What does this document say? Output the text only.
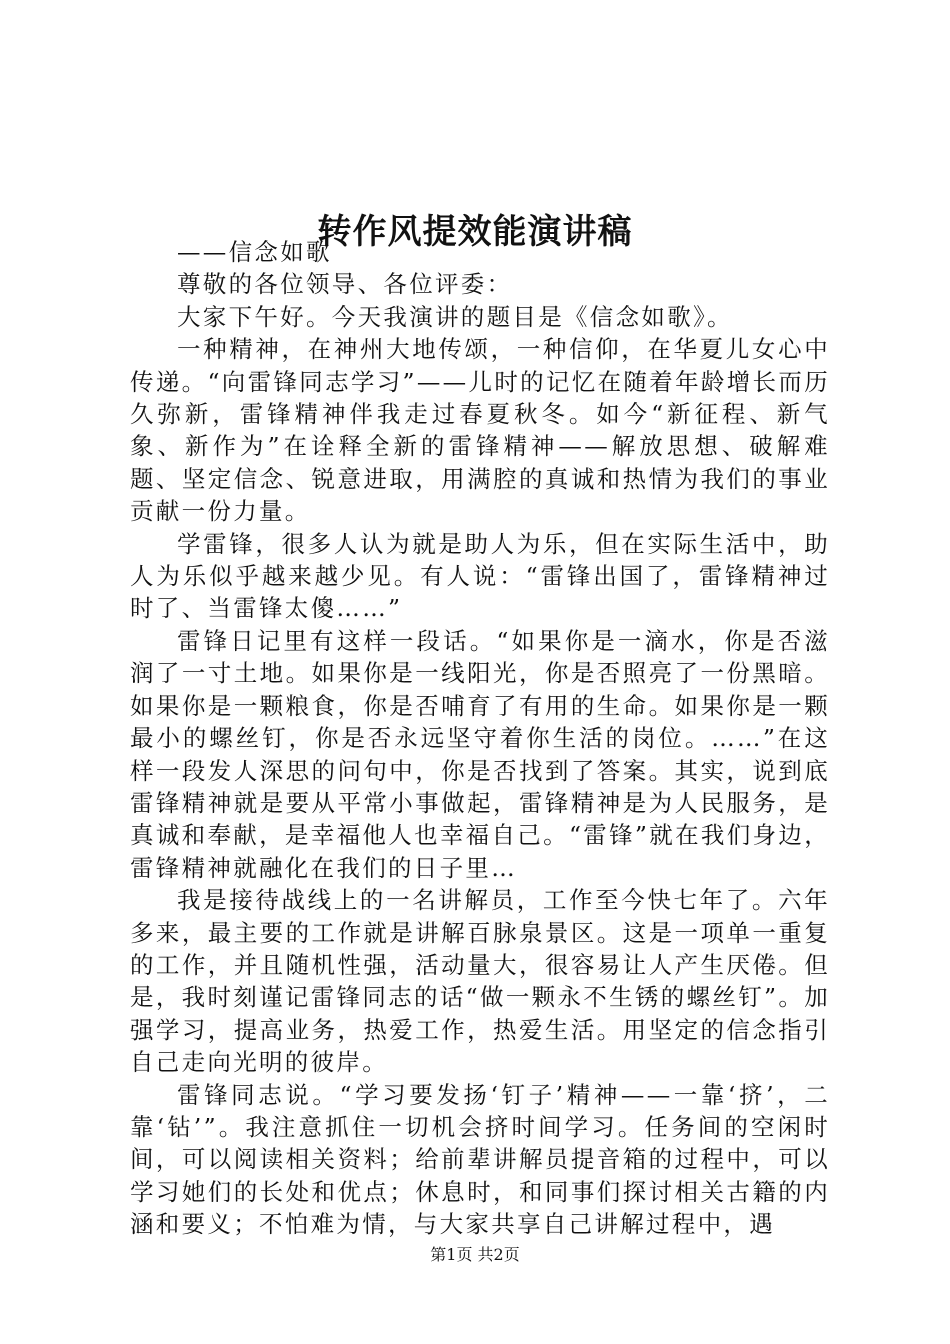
转作风提效能演讲稿

——信念如歌

尊敬的各位领导、各位评委：

大家下午好。今天我演讲的题目是《信念如歌》。

一种精神，在神州大地传颂，一种信仰，在华夏儿女心中传递。“向雷锋同志学习”——儿时的记忆在随着年龄增长而历久弥新，雷锋精神伴我走过春夏秋冬。如今“新征程、新气象、新作为”在诠释全新的雷锋精神——解放思想、破解难题、坚定信念、锐意进取，用满腔的真诚和热情为我们的事业贡献一份力量。

学雷锋，很多人认为就是助人为乐，但在实际生活中，助人为乐似乎越来越少见。有人说：“雷锋出国了，雷锋精神过时了、当雷锋太傻……”

雷锋日记里有这样一段话。“如果你是一滴水，你是否滋润了一寸土地。如果你是一线阳光，你是否照亮了一份黑暗。如果你是一颗粮食，你是否哺育了有用的生命。如果你是一颗最小的螺丝钉，你是否永远坚守着你生活的岗位。……”在这样一段发人深思的问句中，你是否找到了答案。其实，说到底雷锋精神就是要从平常小事做起，雷锋精神是为人民服务，是真诚和奉献，是幸福他人也幸福自己。“雷锋”就在我们身边，雷锋精神就融化在我们的日子里…

我是接待战线上的一名讲解员，工作至今快七年了。六年多来，最主要的工作就是讲解百脉泉景区。这是一项单一重复的工作，并且随机性强，活动量大，很容易让人产生厌倦。但是，我时刻谨记雷锋同志的话“做一颗永不生锈的螺丝钉”。加强学习，提高业务，热爱工作，热爱生活。用坚定的信念指引自己走向光明的彼岸。

雷锋同志说。“学习要发扬‘钉子’精神——一靠‘挤’，二靠‘钻’”。我注意抓住一切机会挤时间学习。任务间的空闲时间，可以阅读相关资料；给前辈讲解员提音箱的过程中，可以学习她们的长处和优点；休息时，和同事们探讨相关古籍的内涵和要义；不怕难为情，与大家共享自己讲解过程中，遇

第1页 共2页
